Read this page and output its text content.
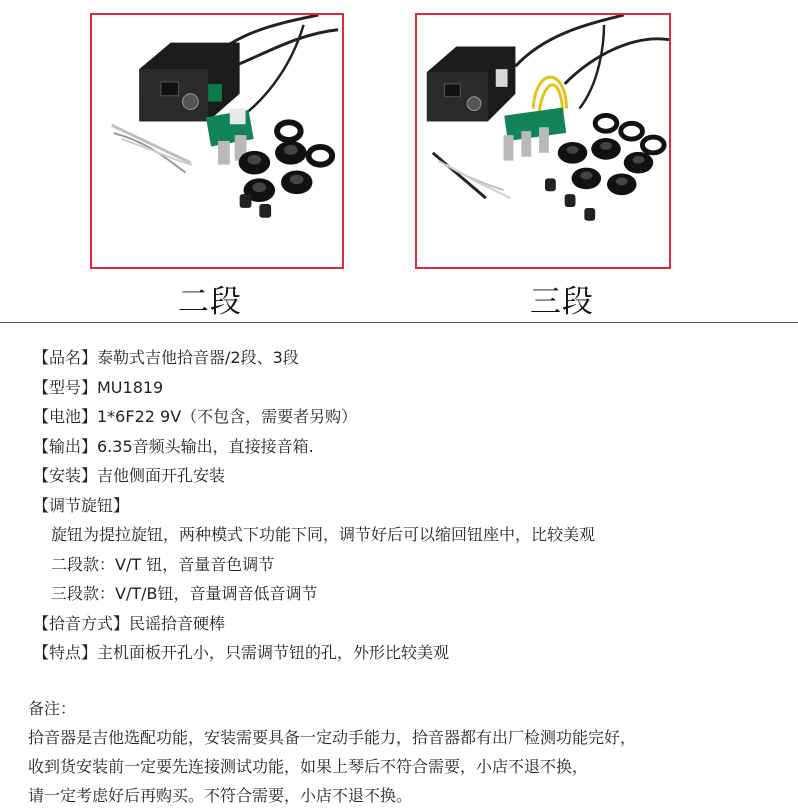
二段	三段
【品名】泰勒式吉他拾音器/2段、3段
【型号】MU1819
【电池】1*6F22 9V（不包含，需要者另购）
【输出】6.35音频头输出，直接接音箱.
【安装】吉他侧面开孔安装
【调节旋钮】
旋钮为提拉旋钮，两种模式下功能下同，调节好后可以缩回钮座中，比较美观
二段款：V/T 钮，音量音色调节
三段款：V/T/B钮，音量调音低音调节
【拾音方式】民谣拾音硬棒
【特点】主机面板开孔小，只需调节钮的孔，外形比较美观
备注：
拾音器是吉他选配功能，安装需要具备一定动手能力，拾音器都有出厂检测功能完好，
收到货安装前一定要先连接测试功能，如果上琴后不符合需要，小店不退不换，
请一定考虑好后再购买。不符合需要，小店不退不换。
